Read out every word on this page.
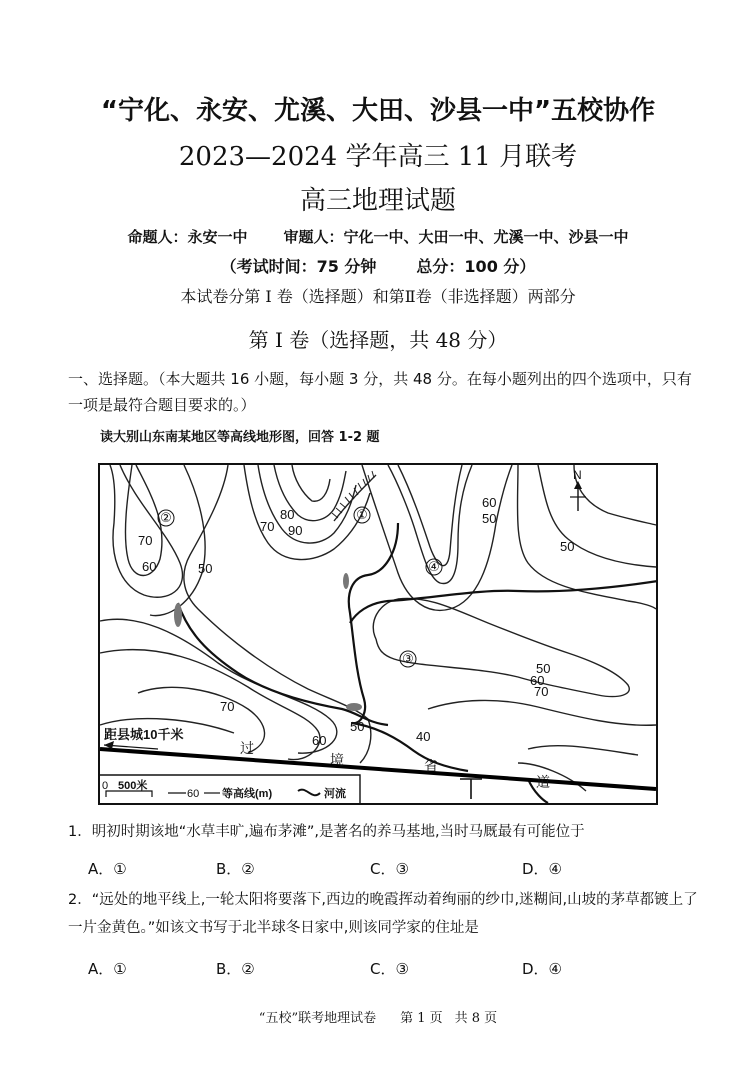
“宁化、永安、尤溪、大田、沙县一中”五校协作
2023—2024 学年高三 11 月联考
高三地理试题
命题人：永安一中 审题人：宁化一中、大田一中、尤溪一中、沙县一中
（考试时间：75 分钟	总分：100 分）
本试卷分第 I 卷（选择题）和第Ⅱ卷（非选择题）两部分
第 I 卷（选择题，共 48 分）
一、选择题。（本大题共 16 小题，每小题 3 分，共 48 分。在每小题列出的四个选项中，只有一项是最符合题目要求的。）
读大别山东南某地区等高线地形图，回答 1-2 题
②	①
④
③
70
60	50
80
70 90
60
50
50
50
60
70
70
60
50
40
过
境	省
道
距县城10千米
N
0 500米
60 等高线(m)	河流
1．明初时期该地“水草丰旷,遍布茅滩”,是著名的养马基地,当时马厩最有可能位于
A．①	B．②	C．③	D．④
2．“远处的地平线上,一轮太阳将要落下,西边的晚霞挥动着绚丽的纱巾,迷糊间,山坡的茅草都镀上了一片金黄色。”如该文书写于北半球冬日家中,则该同学家的住址是
A．①	B．②	C．③	D．④
“五校”联考地理试卷 第 1 页 共 8 页
